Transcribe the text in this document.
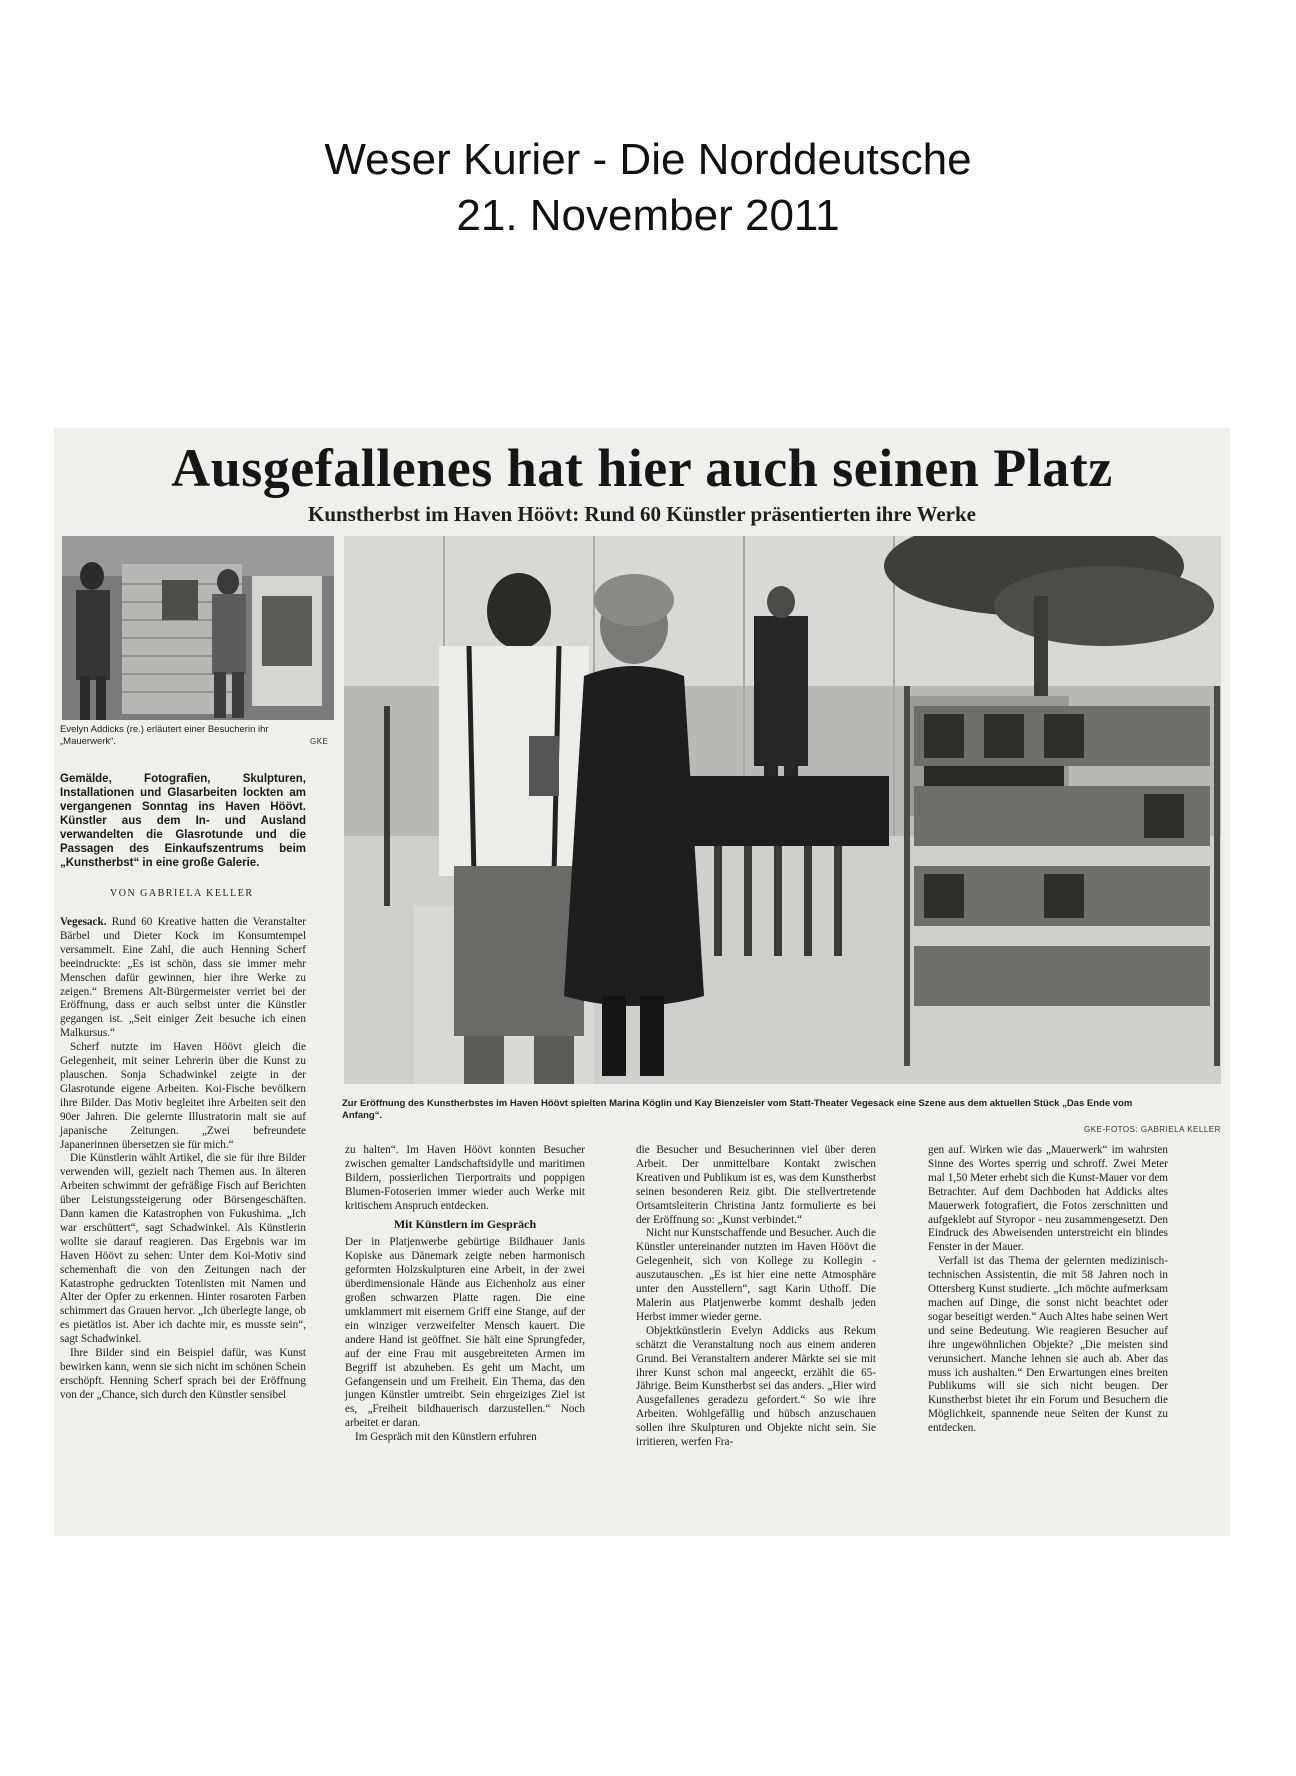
Weser Kurier - Die Norddeutsche
21. November 2011
Ausgefallenes hat hier auch seinen Platz
Kunstherbst im Haven Höövt: Rund 60 Künstler präsentierten ihre Werke
Evelyn Addicks (re.) erläutert einer Besucherin ihr „Mauerwerk“.	GKE
Zur Eröffnung des Kunstherbstes im Haven Höövt spielten Marina Köglin und Kay Bienzeisler vom Statt-Theater Vegesack eine Szene aus dem aktuellen Stück „Das Ende vom Anfang“.
GKE-FOTOS: GABRIELA KELLER
Gemälde, Fotografien, Skulpturen, Installationen und Glasarbeiten lockten am vergangenen Sonntag ins Haven Höövt. Künstler aus dem In- und Ausland verwandelten die Glasrotunde und die Passagen des Einkaufszentrums beim „Kunstherbst“ in eine große Galerie.
VON GABRIELA KELLER

Vegesack. Rund 60 Kreative hatten die Veranstalter Bärbel und Dieter Kock im Konsumtempel versammelt. Eine Zahl, die auch Henning Scherf beeindruckte: „Es ist schön, dass sie immer mehr Menschen dafür gewinnen, hier ihre Werke zu zeigen.“ Bremens Alt-Bürgermeister verriet bei der Eröffnung, dass er auch selbst unter die Künstler gegangen ist. „Seit einiger Zeit besuche ich einen Malkursus.“

Scherf nutzte im Haven Höövt gleich die Gelegenheit, mit seiner Lehrerin über die Kunst zu plauschen. Sonja Schadwinkel zeigte in der Glasrotunde eigene Arbeiten. Koi-Fische bevölkern ihre Bilder. Das Motiv begleitet ihre Arbeiten seit den 90er Jahren. Die gelernte Illustratorin malt sie auf japanische Zeitungen. „Zwei befreundete Japanerinnen übersetzen sie für mich.“

Die Künstlerin wählt Artikel, die sie für ihre Bilder verwenden will, gezielt nach Themen aus. In älteren Arbeiten schwimmt der gefräßige Fisch auf Berichten über Leistungssteigerung oder Börsengeschäften. Dann kamen die Katastrophen von Fukushima. „Ich war erschüttert“, sagt Schadwinkel. Als Künstlerin wollte sie darauf reagieren. Das Ergebnis war im Haven Höövt zu sehen: Unter dem Koi-Motiv sind schemenhaft die von den Zeitungen nach der Katastrophe gedruckten Totenlisten mit Namen und Alter der Opfer zu erkennen. Hinter rosaroten Farben schimmert das Grauen hervor. „Ich überlegte lange, ob es pietätlos ist. Aber ich dachte mir, es musste sein“, sagt Schadwinkel.

Ihre Bilder sind ein Beispiel dafür, was Kunst bewirken kann, wenn sie sich nicht im schönen Schein erschöpft. Henning Scherf sprach bei der Eröffnung von der „Chance, sich durch den Künstler sensibel

zu halten“. Im Haven Höövt konnten Besucher zwischen gemalter Landschaftsidylle und maritimen Bildern, possierlichen Tierportraits und poppigen Blumen-Fotoserien immer wieder auch Werke mit kritischem Anspruch entdecken.

Mit Künstlern im Gespräch

Der in Platjenwerbe gebürtige Bildhauer Janis Kopiske aus Dänemark zeigte neben harmonisch geformten Holzskulpturen eine Arbeit, in der zwei überdimensionale Hände aus Eichenholz aus einer großen schwarzen Platte ragen. Die eine umklammert mit eisernem Griff eine Stange, auf der ein winziger verzweifelter Mensch kauert. Die andere Hand ist geöffnet. Sie hält eine Sprungfeder, auf der eine Frau mit ausgebreiteten Armen im Begriff ist abzuheben. Es geht um Macht, um Gefangensein und um Freiheit. Ein Thema, das den jungen Künstler umtreibt. Sein ehrgeiziges Ziel ist es, „Freiheit bildhauerisch darzustellen.“ Noch arbeitet er daran.

Im Gespräch mit den Künstlern erfuhren

die Besucher und Besucherinnen viel über deren Arbeit. Der unmittelbare Kontakt zwischen Kreativen und Publikum ist es, was dem Kunstherbst seinen besonderen Reiz gibt. Die stellvertretende Ortsamtsleiterin Christina Jantz formulierte es bei der Eröffnung so: „Kunst verbindet.“

Nicht nur Kunstschaffende und Besucher. Auch die Künstler untereinander nutzten im Haven Höövt die Gelegenheit, sich von Kollege zu Kollegin - auszutauschen. „Es ist hier eine nette Atmosphäre unter den Ausstellern“, sagt Karin Uthoff. Die Malerin aus Platjenwerbe kommt deshalb jeden Herbst immer wieder gerne.

Objektkünstlerin Evelyn Addicks aus Rekum schätzt die Veranstaltung noch aus einem anderen Grund. Bei Veranstaltern anderer Märkte sei sie mit ihrer Kunst schon mal angeeckt, erzählt die 65-Jährige. Beim Kunstherbst sei das anders. „Hier wird Ausgefallenes geradezu gefordert.“ So wie ihre Arbeiten. Wohlgefällig und hübsch anzuschauen sollen ihre Skulpturen und Objekte nicht sein. Sie irritieren, werfen Fra-

gen auf. Wirken wie das „Mauerwerk“ im wahrsten Sinne des Wortes sperrig und schroff. Zwei Meter mal 1,50 Meter erhebt sich die Kunst-Mauer vor dem Betrachter. Auf dem Dachboden hat Addicks altes Mauerwerk fotografiert, die Fotos zerschnitten und aufgeklebt auf Styropor - neu zusammengesetzt. Den Eindruck des Abweisenden unterstreicht ein blindes Fenster in der Mauer.

Verfall ist das Thema der gelernten medizinisch-technischen Assistentin, die mit 58 Jahren noch in Ottersberg Kunst studierte. „Ich möchte aufmerksam machen auf Dinge, die sonst nicht beachtet oder sogar beseitigt werden.“ Auch Altes habe seinen Wert und seine Bedeutung. Wie reagieren Besucher auf ihre ungewöhnlichen Objekte? „Die meisten sind verunsichert. Manche lehnen sie auch ab. Aber das muss ich aushalten.“ Den Erwartungen eines breiten Publikums will sie sich nicht beugen. Der Kunstherbst bietet ihr ein Forum und Besuchern die Möglichkeit, spannende neue Seiten der Kunst zu entdecken.
